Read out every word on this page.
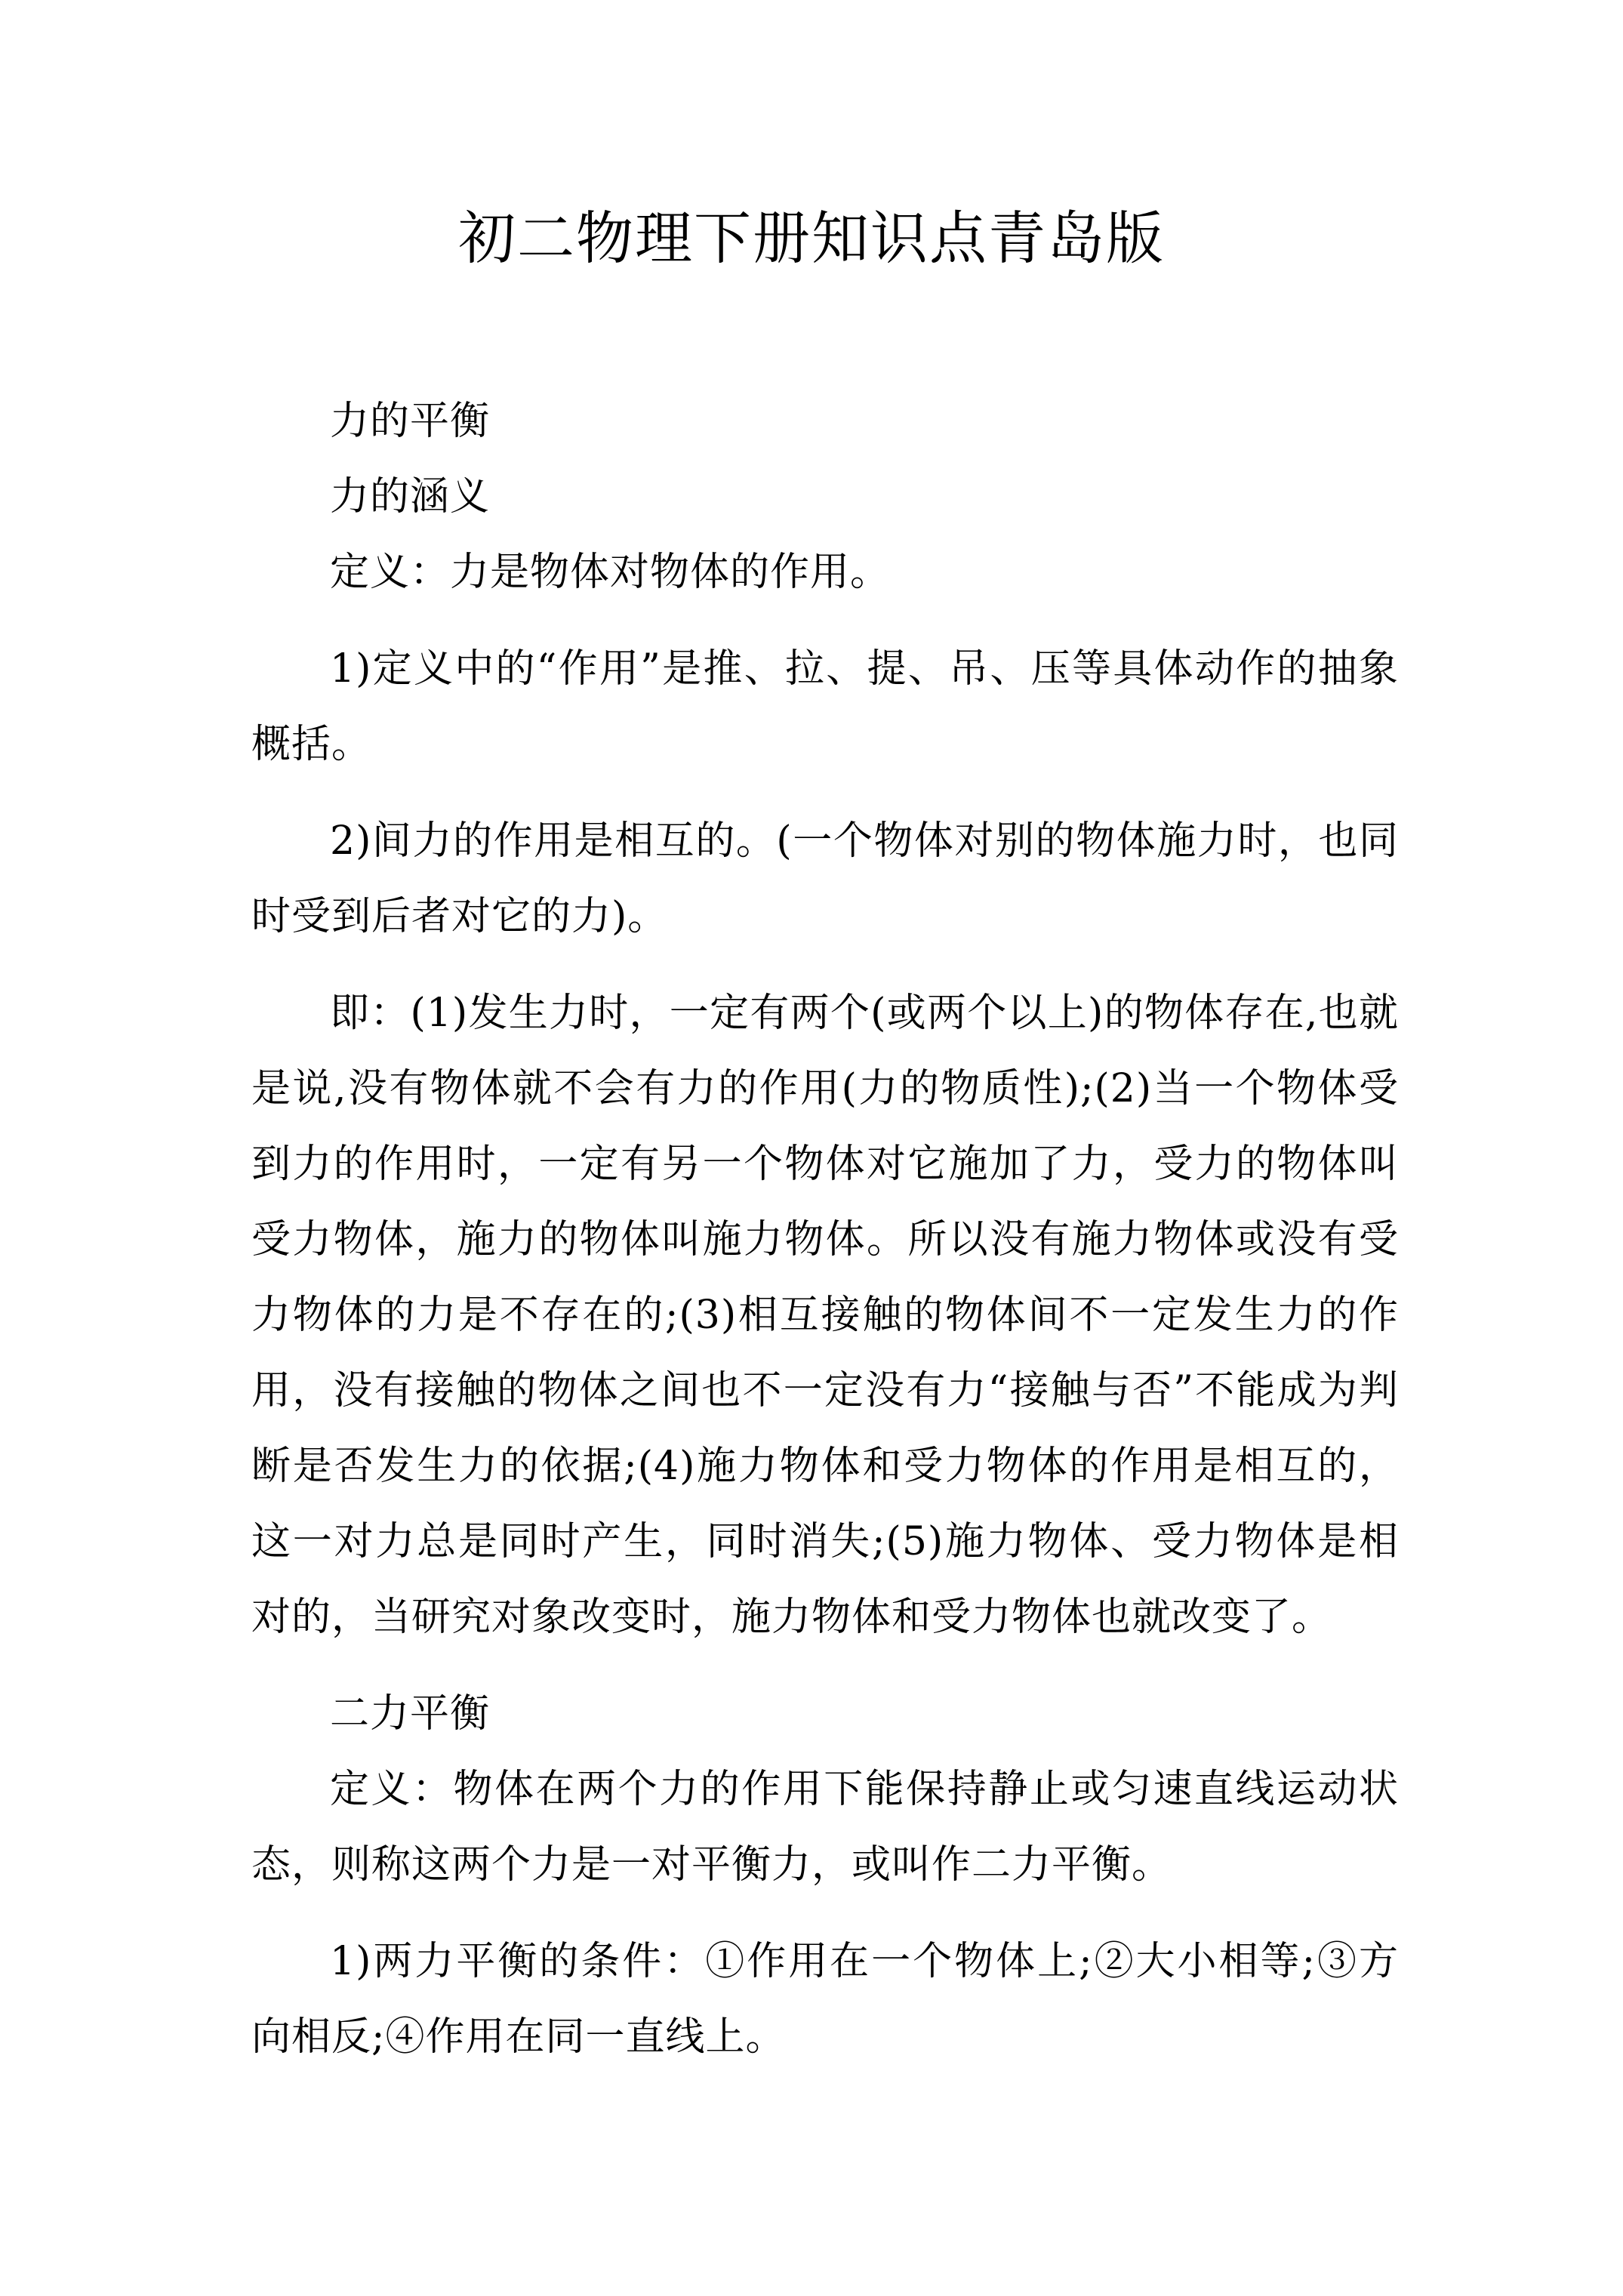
初二物理下册知识点青岛版

力的平衡

力的涵义

定义：力是物体对物体的作用。

1)定义中的“作用”是推、拉、提、吊、压等具体动作的抽象概括。

2)间力的作用是相互的。(一个物体对别的物体施力时，也同时受到后者对它的力)。

即：(1)发生力时，一定有两个(或两个以上)的物体存在,也就是说,没有物体就不会有力的作用(力的物质性);(2)当一个物体受到力的作用时，一定有另一个物体对它施加了力，受力的物体叫受力物体，施力的物体叫施力物体。所以没有施力物体或没有受力物体的力是不存在的;(3)相互接触的物体间不一定发生力的作用，没有接触的物体之间也不一定没有力“接触与否”不能成为判断是否发生力的依据;(4)施力物体和受力物体的作用是相互的，这一对力总是同时产生，同时消失;(5)施力物体、受力物体是相对的，当研究对象改变时，施力物体和受力物体也就改变了。

二力平衡

定义：物体在两个力的作用下能保持静止或匀速直线运动状态，则称这两个力是一对平衡力，或叫作二力平衡。

1)两力平衡的条件：①作用在一个物体上;②大小相等;③方向相反;④作用在同一直线上。
